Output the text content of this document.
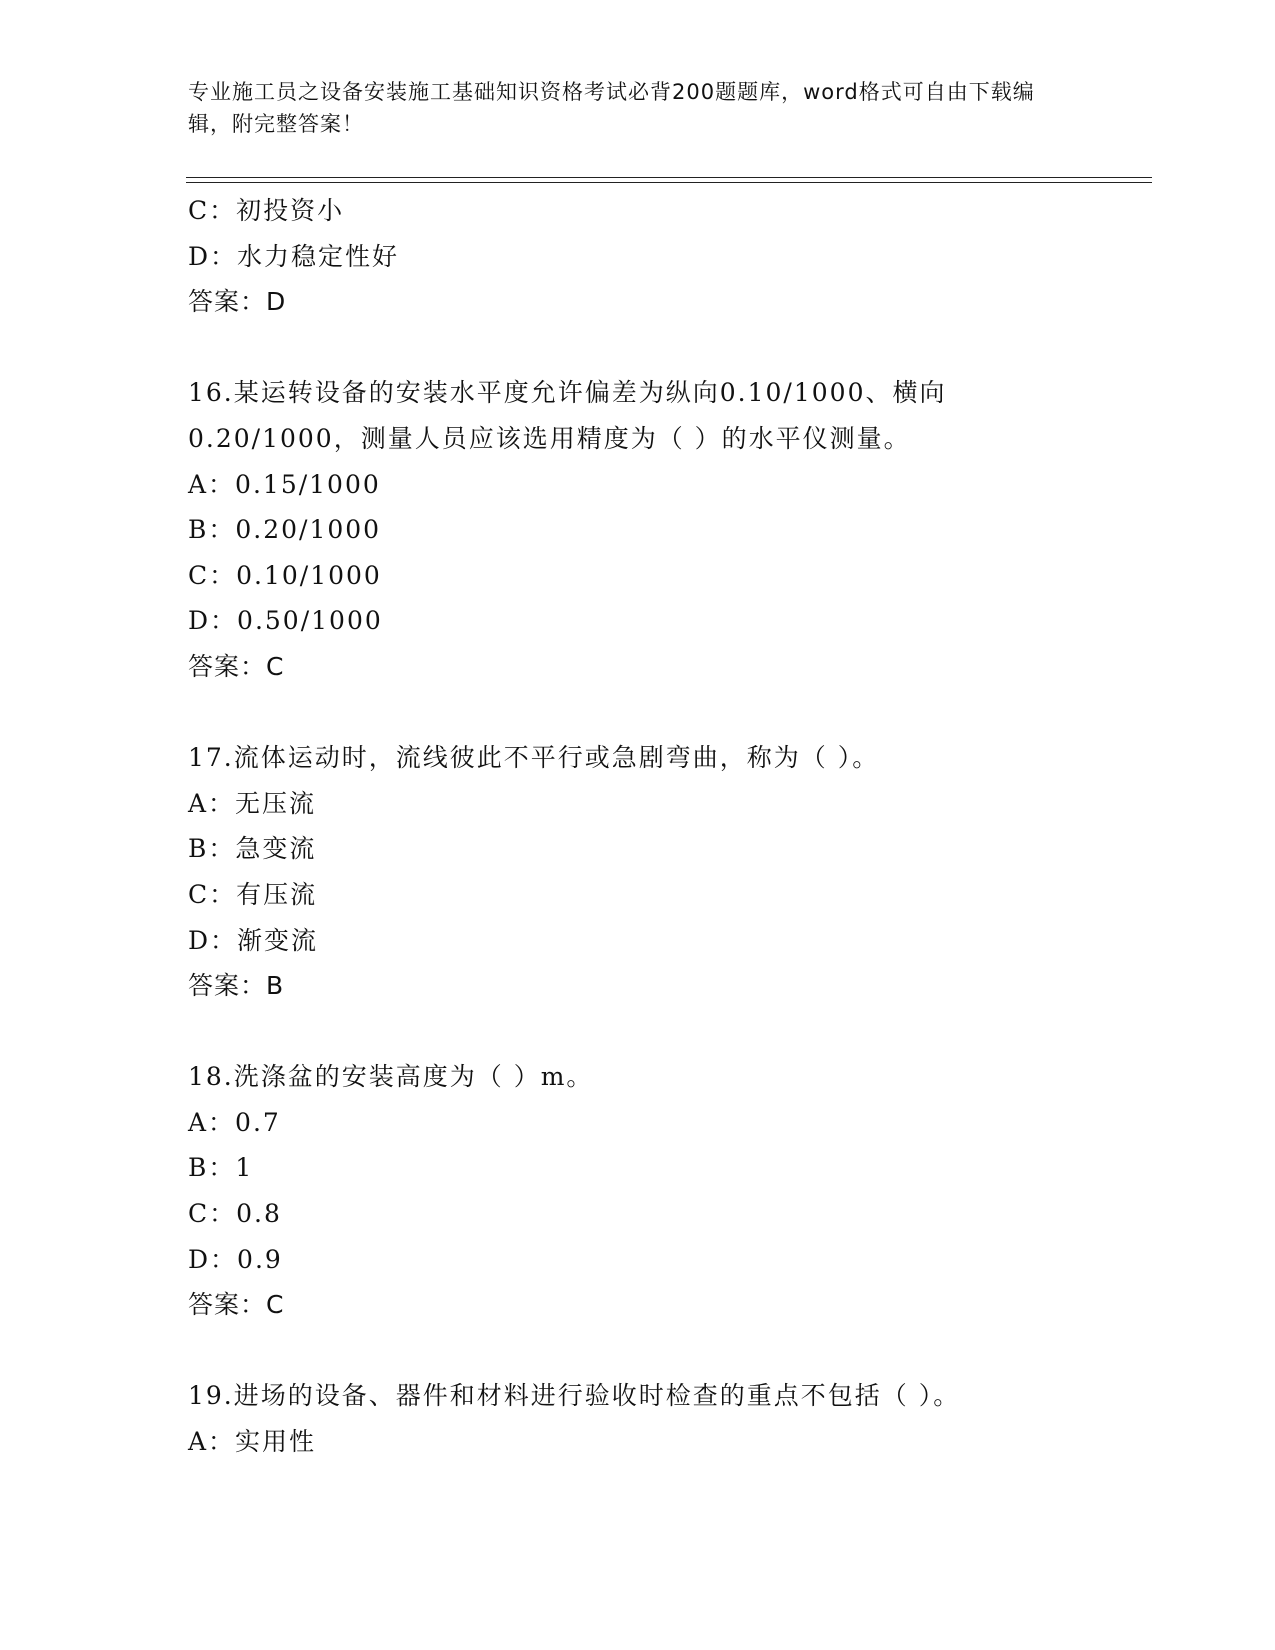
专业施工员之设备安装施工基础知识资格考试必背200题题库，word格式可自由下载编辑，附完整答案！
C：初投资小
D：水力稳定性好
答案：D
16.某运转设备的安装水平度允许偏差为纵向0.10/1000、横向
0.20/1000，测量人员应该选用精度为（ ）的水平仪测量。
A：0.15/1000
B：0.20/1000
C：0.10/1000
D：0.50/1000
答案：C
17.流体运动时，流线彼此不平行或急剧弯曲，称为（ ）。
A：无压流
B：急变流
C：有压流
D：渐变流
答案：B
18.洗涤盆的安装高度为（ ）m。
A：0.7
B：1
C：0.8
D：0.9
答案：C
19.进场的设备、器件和材料进行验收时检查的重点不包括（ ）。
A：实用性
